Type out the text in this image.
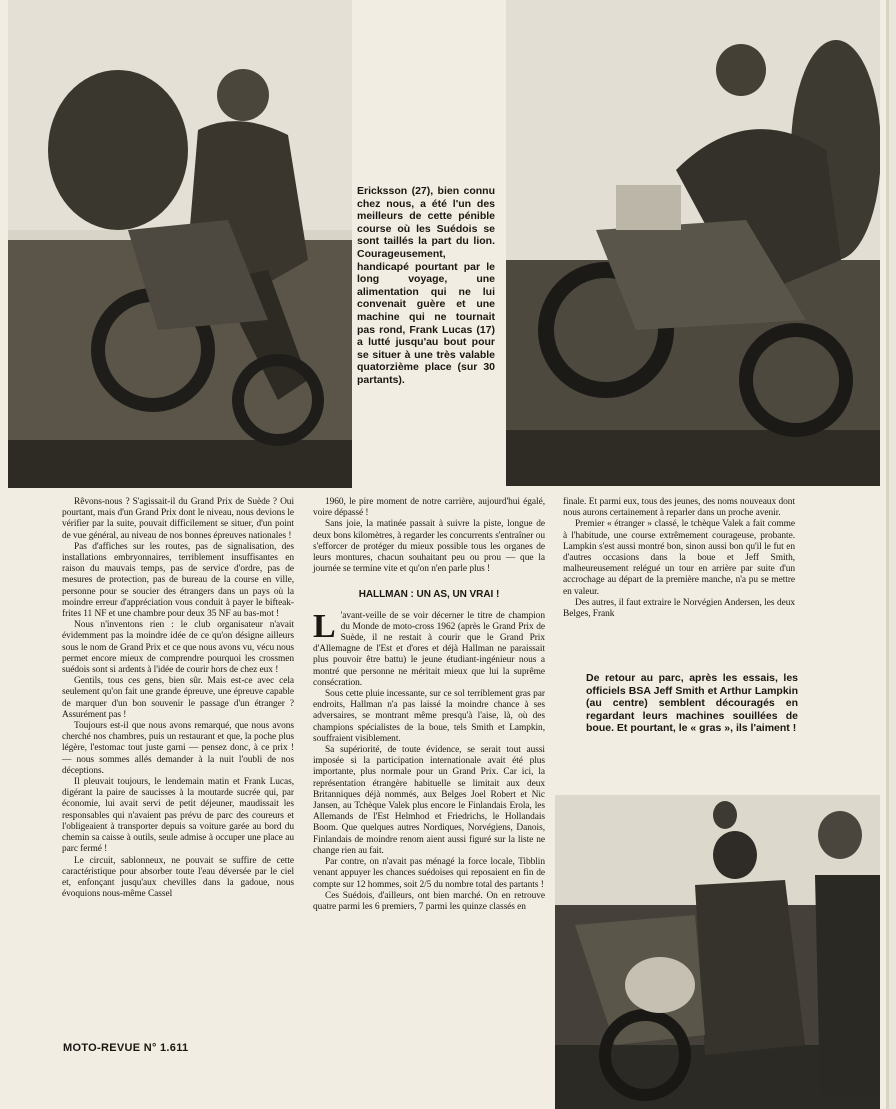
Ericksson (27), bien connu chez nous, a été l'un des meilleurs de cette pénible course où les Suédois se sont taillés la part du lion. Courageusement, handicapé pourtant par le long voyage, une alimentation qui ne lui convenait guère et une machine qui ne tournait pas rond, Frank Lucas (17) a lutté jusqu'au bout pour se situer à une très valable quatorzième place (sur 30 partants).

Rêvons-nous ? S'agissait-il du Grand Prix de Suède ? Oui pourtant, mais d'un Grand Prix dont le niveau, nous devions le vérifier par la suite, pouvait difficilement se situer, d'un point de vue général, au niveau de nos bonnes épreuves nationales !

Pas d'affiches sur les routes, pas de signalisation, des installations embryonnaires, terriblement insuffisantes en raison du mauvais temps, pas de service d'ordre, pas de mesures de protection, pas de bureau de la course en ville, personne pour se soucier des étrangers dans un pays où la moindre erreur d'appréciation vous conduit à payer le bifteak-frites 11 NF et une chambre pour deux 35 NF au bas-mot !

Nous n'inventons rien : le club organisateur n'avait évidemment pas la moindre idée de ce qu'on désigne ailleurs sous le nom de Grand Prix et ce que nous avons vu, vécu nous permet encore mieux de comprendre pourquoi les crossmen suédois sont si ardents à l'idée de courir hors de chez eux !

Gentils, tous ces gens, bien sûr. Mais est-ce avec cela seulement qu'on fait une grande épreuve, une épreuve capable de marquer d'un bon souvenir le passage d'un étranger ? Assurément pas !

Toujours est-il que nous avons remarqué, que nous avons cherché nos chambres, puis un restaurant et que, la poche plus légère, l'estomac tout juste garni — pensez donc, à ce prix ! — nous sommes allés demander à la nuit l'oubli de nos déceptions.

Il pleuvait toujours, le lendemain matin et Frank Lucas, digérant la paire de saucisses à la moutarde sucrée qui, par économie, lui avait servi de petit déjeuner, maudissait les responsables qui n'avaient pas prévu de parc des coureurs et l'obligeaient à transporter depuis sa voiture garée au bord du chemin sa caisse à outils, seule admise à occuper une place au parc fermé !

Le circuit, sablonneux, ne pouvait se suffire de cette caractéristique pour absorber toute l'eau déversée par le ciel et, enfonçant jusqu'aux chevilles dans la gadoue, nous évoquions nous-même Cassel

1960, le pire moment de notre carrière, aujourd'hui égalé, voire dépassé !

Sans joie, la matinée passait à suivre la piste, longue de deux bons kilomètres, à regarder les concurrents s'entraîner ou s'efforcer de protéger du mieux possible tous les organes de leurs montures, chacun souhaitant peu ou prou — que la journée se termine vite et qu'on n'en parle plus !

HALLMAN : UN AS, UN VRAI !

L 'avant-veille de se voir décerner le titre de champion du Monde de moto-cross 1962 (après le Grand Prix de Suède, il ne restait à courir que le Grand Prix d'Allemagne de l'Est et d'ores et déjà Hallman ne paraissait plus pouvoir être battu) le jeune étudiant-ingénieur nous a montré que personne ne méritait mieux que lui la suprême consécration.

Sous cette pluie incessante, sur ce sol terriblement gras par endroits, Hallman n'a pas laissé la moindre chance à ses adversaires, se montrant même presqu'à l'aise, là, où des champions spécialistes de la boue, tels Smith et Lampkin, souffraient visiblement.

Sa supériorité, de toute évidence, se serait tout aussi imposée si la participation internationale avait été plus importante, plus normale pour un Grand Prix. Car ici, la représentation étrangère habituelle se limitait aux deux Britanniques déjà nommés, aux Belges Joel Robert et Nic Jansen, au Tchèque Valek plus encore le Finlandais Erola, les Allemands de l'Est Helmhod et Friedrichs, le Hollandais Boom. Que quelques autres Nordiques, Norvégiens, Danois, Finlandais de moindre renom aient aussi figuré sur la liste ne change rien au fait.

Par contre, on n'avait pas ménagé la force locale, Tibblin venant appuyer les chances suédoises qui reposaient en fin de compte sur 12 hommes, soit 2/5 du nombre total des partants !

Ces Suédois, d'ailleurs, ont bien marché. On en retrouve quatre parmi les 6 premiers, 7 parmi les quinze classés en

finale. Et parmi eux, tous des jeunes, des noms nouveaux dont nous aurons certainement à reparler dans un proche avenir.

Premier « étranger » classé, le tchèque Valek a fait comme à l'habitude, une course extrêmement courageuse, probante. Lampkin s'est aussi montré bon, sinon aussi bon qu'il le fut en d'autres occasions dans la boue et Jeff Smith, malheureusement relégué un tour en arrière par suite d'un accrochage au départ de la première manche, n'a pu se mettre en valeur.

Des autres, il faut extraire le Norvégien Andersen, les deux Belges, Frank

De retour au parc, après les essais, les officiels BSA Jeff Smith et Arthur Lampkin (au centre) semblent découragés en regardant leurs machines souillées de boue. Et pourtant, le « gras », ils l'aiment !
MOTO-REVUE N° 1.611
